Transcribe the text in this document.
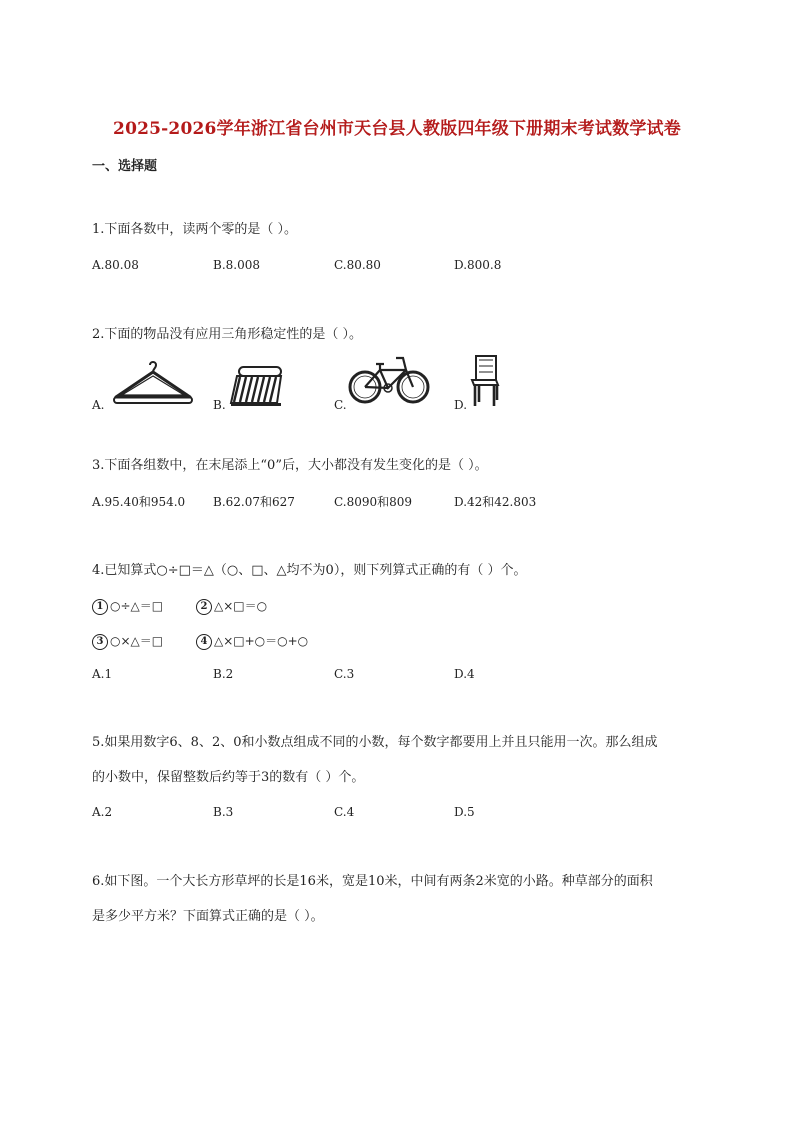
2025-2026学年浙江省台州市天台县人教版四年级下册期末考试数学试卷
一、选择题
1.下面各数中，读两个零的是（ ）。
A.80.08	B.8.008	C.80.80	D.800.8
2.下面的物品没有应用三角形稳定性的是（ ）。
A.	B.	C.	D.
3.下面各组数中，在末尾添上“0”后，大小都没有发生变化的是（ ）。
A.95.40和954.0 B.62.07和627	C.8090和809	D.42和42.803
4.已知算式○÷□＝△（○、□、△均不为0），则下列算式正确的有（ ）个。
1 ○÷△＝□	2 △×□＝○
3 ○×△＝□	4 △×□+○＝○+○
A.1	B.2	C.3	D.4
5.如果用数字6、8、2、0和小数点组成不同的小数，每个数字都要用上并且只能用一次。那么组成
的小数中，保留整数后约等于3的数有（ ）个。
A.2	B.3	C.4	D.5
6.如下图。一个大长方形草坪的长是16米，宽是10米，中间有两条2米宽的小路。种草部分的面积
是多少平方米？下面算式正确的是（ ）。
